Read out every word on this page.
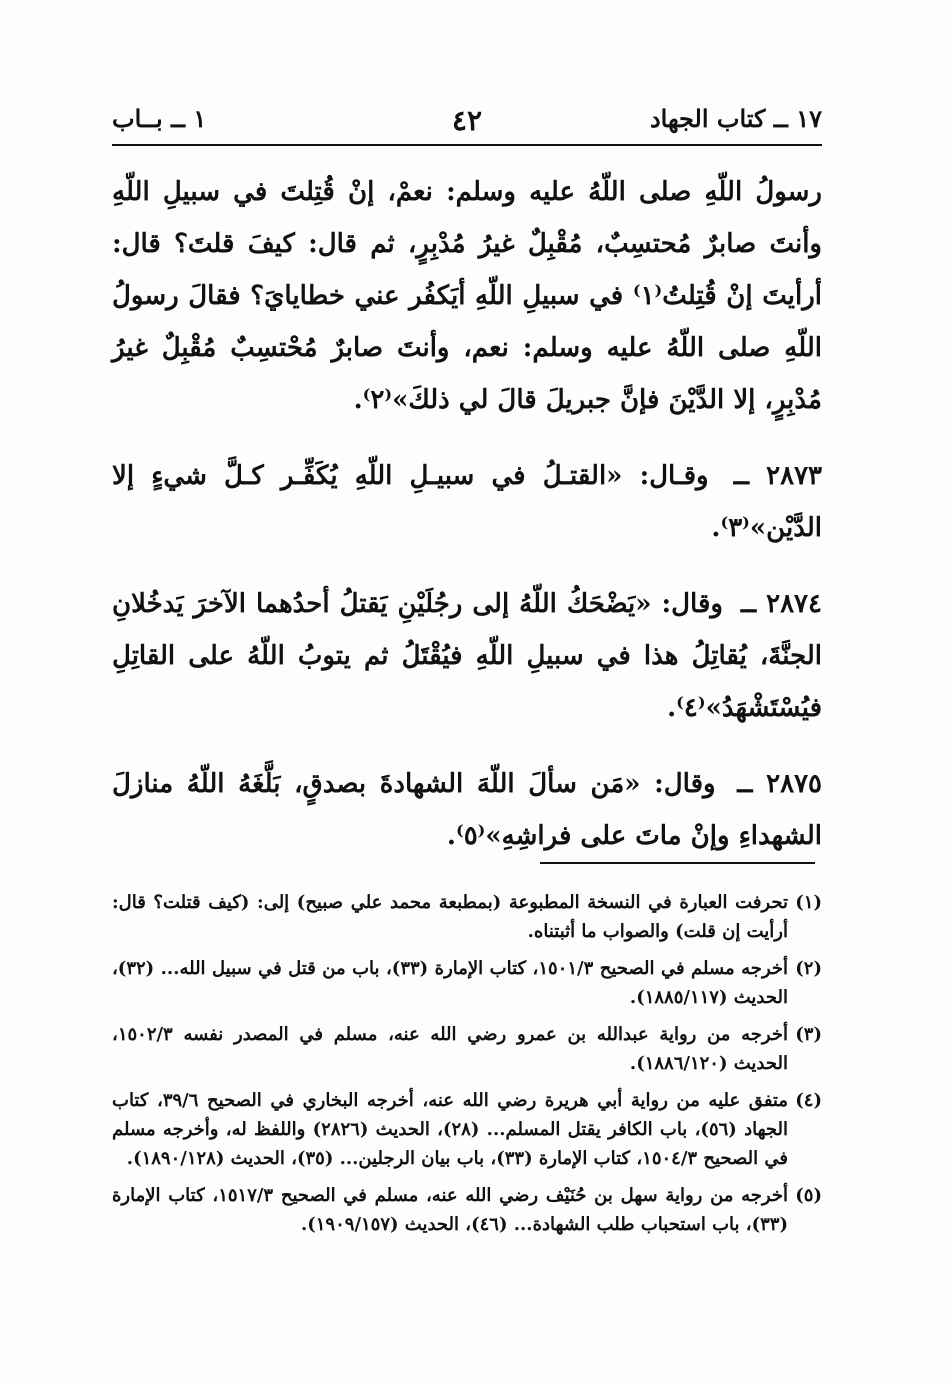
١٧ ــ كتاب الجهاد
٤٢
١ ــ بــاب

رسولُ اللّهِ صلى اللّهُ عليه وسلم: نعمْ، إنْ قُتِلتَ في سبيلِ اللّهِ وأنتَ صابرٌ مُحتسِبٌ، مُقْبِلٌ غيرُ مُدْبِرٍ، ثم قال: كيفَ قلتَ؟ قال: أرأيتَ إنْ قُتِلتُ⁽١⁾ في سبيلِ اللّهِ أيَكفُر عني خطايايَ؟ فقالَ رسولُ اللّهِ صلى اللّهُ عليه وسلم: نعم، وأنتَ صابرٌ مُحْتسِبٌ مُقْبِلٌ غيرُ مُدْبِرٍ، إلا الدَّيْنَ فإنَّ جبريلَ قالَ لي ذلكَ»⁽٢⁾.

٢٨٧٣ ــ وقـال: «القتـلُ في سبيـلِ اللّهِ يُكَفِّـر كـلَّ شيءٍ إلا الدَّيْن»⁽٣⁾.

٢٨٧٤ ــ وقال: «يَضْحَكُ اللّهُ إلى رجُلَيْنِ يَقتلُ أحدُهما الآخرَ يَدخُلانِ الجنَّةَ، يُقاتِلُ هذا في سبيلِ اللّهِ فيُقْتَلُ ثم يتوبُ اللّهُ على القاتِلِ فيُسْتَشْهَدُ»⁽٤⁾.

٢٨٧٥ ــ وقال: «مَن سألَ اللّهَ الشهادةَ بصدقٍ، بَلَّغَهُ اللّهُ منازلَ الشهداءِ وإنْ ماتَ على فراشِهِ»⁽٥⁾.

(١)
تحرفت العبارة في النسخة المطبوعة (بمطبعة محمد علي صبيح) إلى: (كيف قتلت؟ قال: أرأيت إن قلت) والصواب ما أثبتناه.
(٢)
أخرجه مسلم في الصحيح ١٥٠١/٣، كتاب الإمارة (٣٣)، باب من قتل في سبيل الله... (٣٢)، الحديث (١٨٨٥/١١٧).
(٣)
أخرجه من رواية عبدالله بن عمرو رضي الله عنه، مسلم في المصدر نفسه ١٥٠٢/٣، الحديث (١٨٨٦/١٢٠).
(٤)
متفق عليه من رواية أبي هريرة رضي الله عنه، أخرجه البخاري في الصحيح ٣٩/٦، كتاب الجهاد (٥٦)، باب الكافر يقتل المسلم... (٢٨)، الحديث (٢٨٢٦) واللفظ له، وأخرجه مسلم في الصحيح ١٥٠٤/٣، كتاب الإمارة (٣٣)، باب بيان الرجلين... (٣٥)، الحديث (١٨٩٠/١٢٨).
(٥)
أخرجه من رواية سهل بن حُنَيْف رضي الله عنه، مسلم في الصحيح ١٥١٧/٣، كتاب الإمارة (٣٣)، باب استحباب طلب الشهادة... (٤٦)، الحديث (١٩٠٩/١٥٧).
